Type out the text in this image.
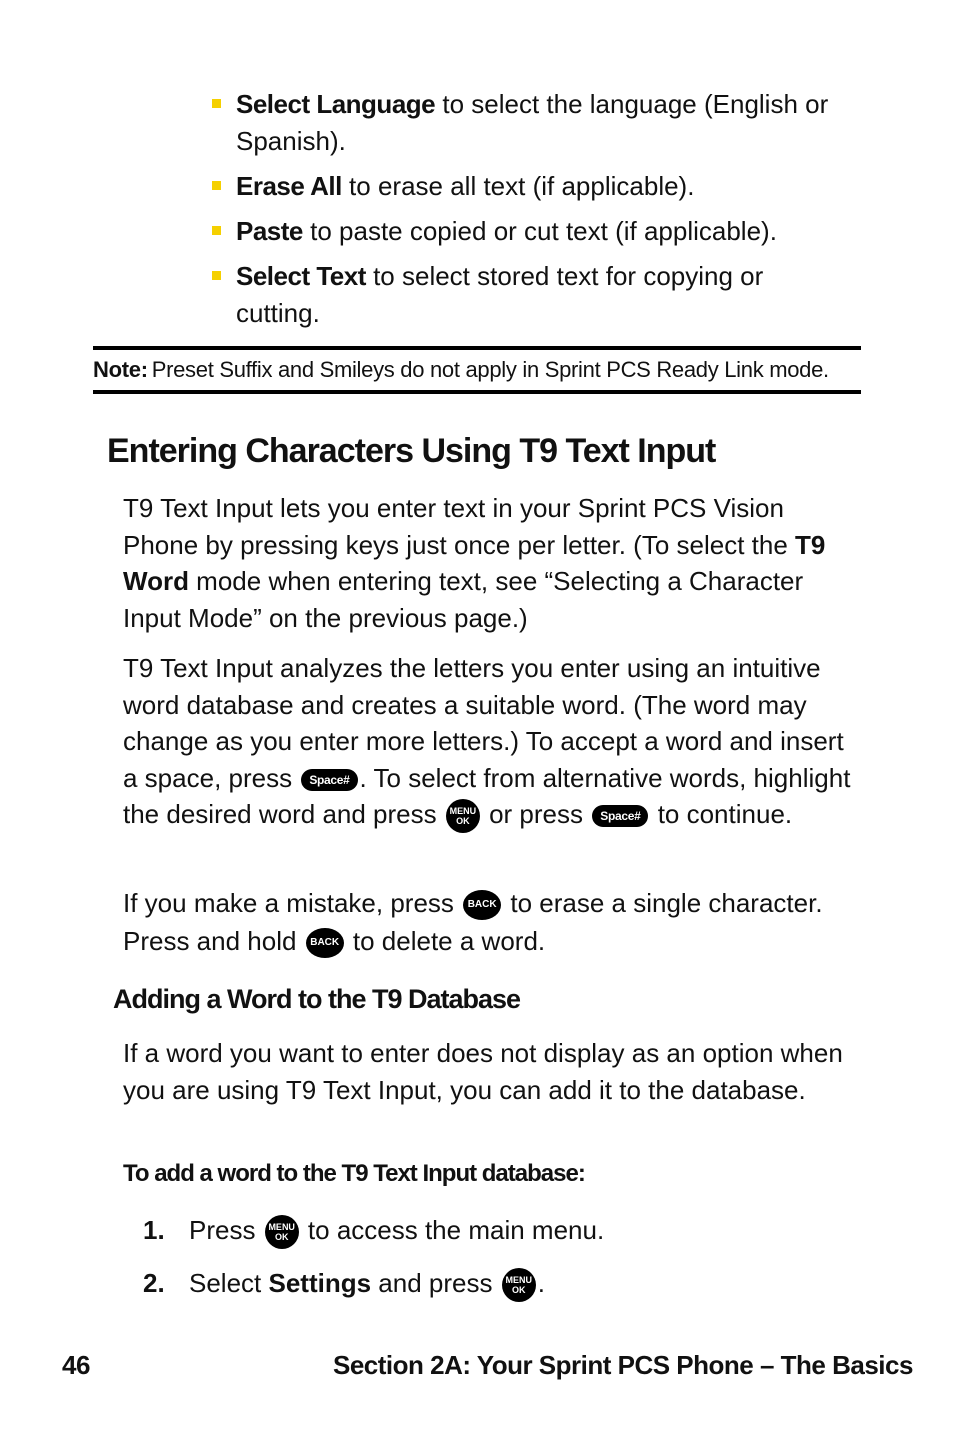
Select Language to select the language (English or Spanish).
Erase All to erase all text (if applicable).
Paste to paste copied or cut text (if applicable).
Select Text to select stored text for copying or cutting.
Note: Preset Suffix and Smileys do not apply in Sprint PCS Ready Link mode.
Entering Characters Using T9 Text Input

T9 Text Input lets you enter text in your Sprint PCS Vision Phone by pressing keys just once per letter. (To select the T9 Word mode when entering text, see “Selecting a Character Input Mode” on the previous page.)

T9 Text Input analyzes the letters you enter using an intuitive word database and creates a suitable word. (The word may change as you enter more letters.) To accept a word and insert a space, press Space# . To select from alternative words, highlight the desired word and press MENU
OK or press Space# to continue.

If you make a mistake, press BACK to erase a single character. Press and hold BACK to delete a word.

Adding a Word to the T9 Database

If a word you want to enter does not display as an option when you are using T9 Text Input, you can add it to the database.

To add a word to the T9 Text Input database:
1. Press MENU
OK to access the main menu.
2. Select Settings and press MENU
OK .
46	Section 2A: Your Sprint PCS Phone – The Basics
